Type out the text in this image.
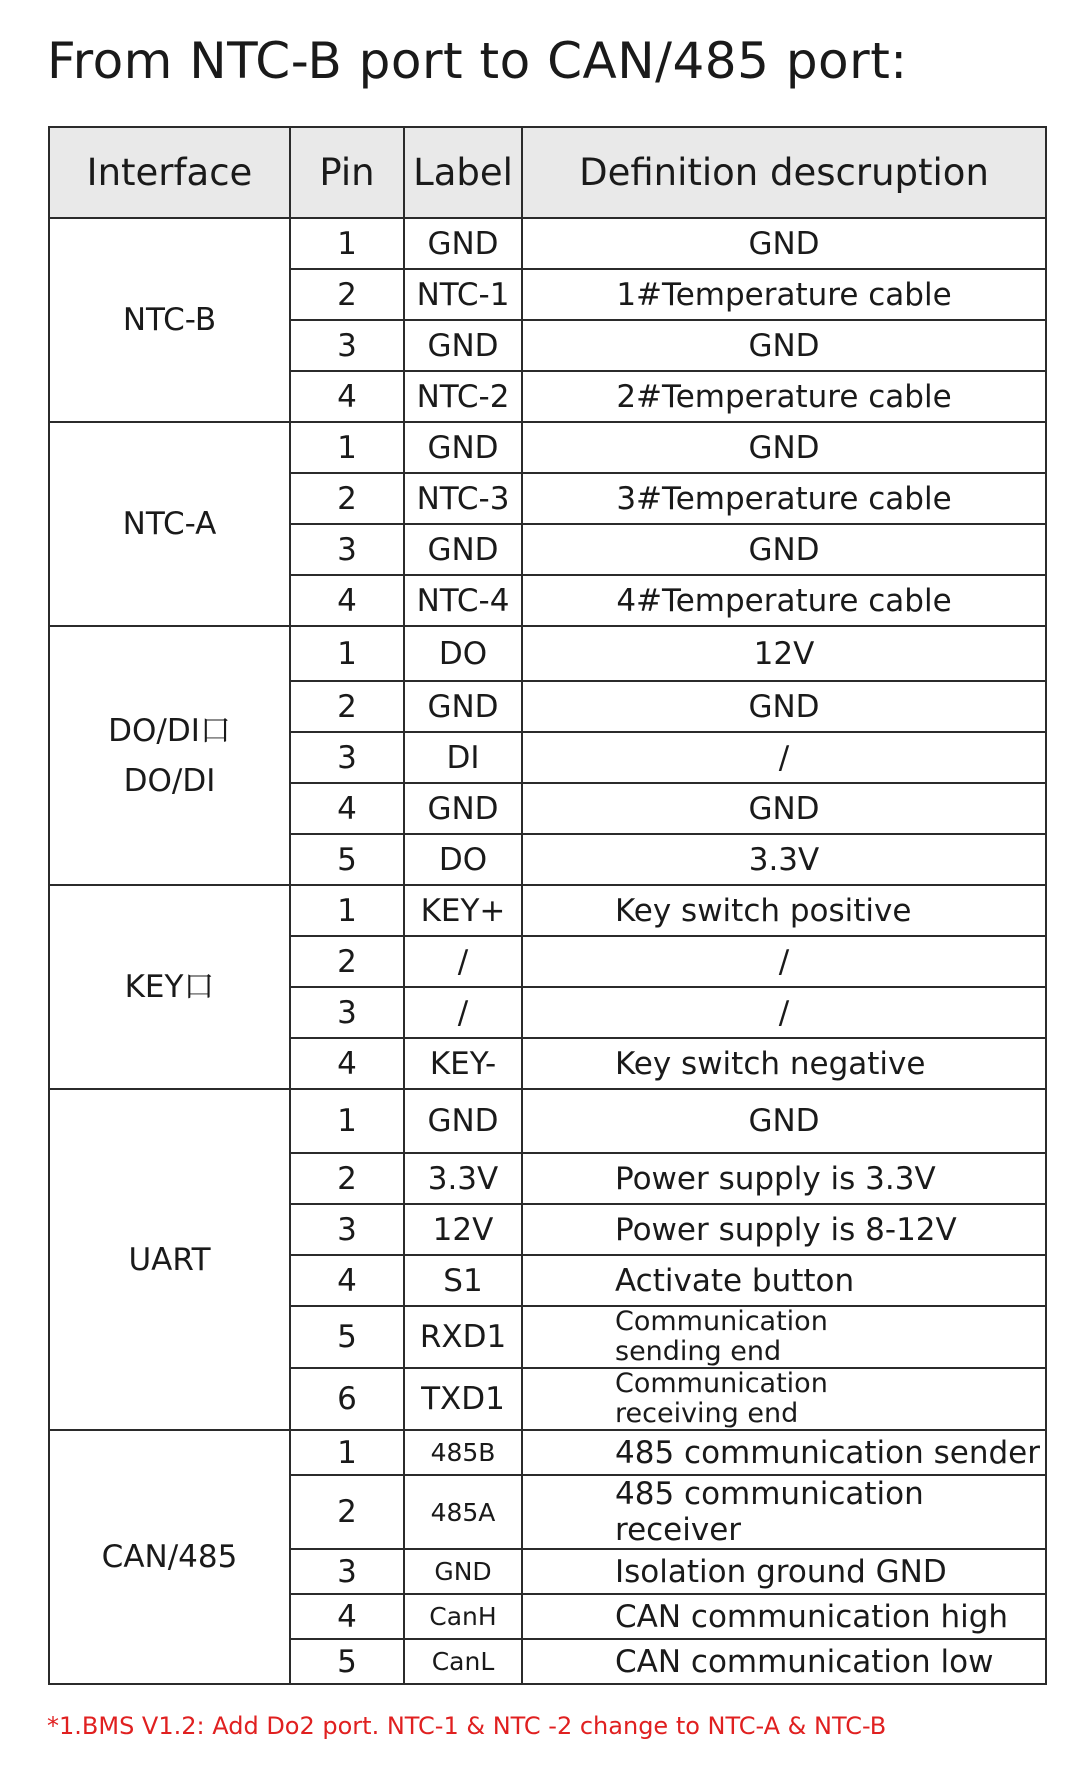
From NTC-B port to CAN/485 port:
Interface	Pin	Label	Definition descruption

NTC-B	1	GND	GND

	2	NTC-1	1#Temperature cable

	3	GND	GND

	4	NTC-2	2#Temperature cable

NTC-A	1	GND	GND

	2	NTC-3	3#Temperature cable

	3	GND	GND

	4	NTC-4	4#Temperature cable

DO/DI口
DO/DI	1	DO	12V

	2	GND	GND

	3	DI	/

	4	GND	GND

	5	DO	3.3V

KEY口	1	KEY+	Key switch positive

	2	/	/

	3	/	/

	4	KEY-	Key switch negative

UART	1	GND	GND

	2	3.3V	Power supply is 3.3V

	3	12V	Power supply is 8-12V

	4	S1	Activate button

	5	RXD1	Communication
sending end

	6	TXD1	Communication
receiving end

CAN/485	1	485B	485 communication sender

	2	485A	485 communication receiver

	3	GND	Isolation ground GND

	4	CanH	CAN communication high

	5	CanL	CAN communication low
*1.BMS V1.2: Add Do2 port. NTC-1 & NTC -2 change to NTC-A & NTC-B
